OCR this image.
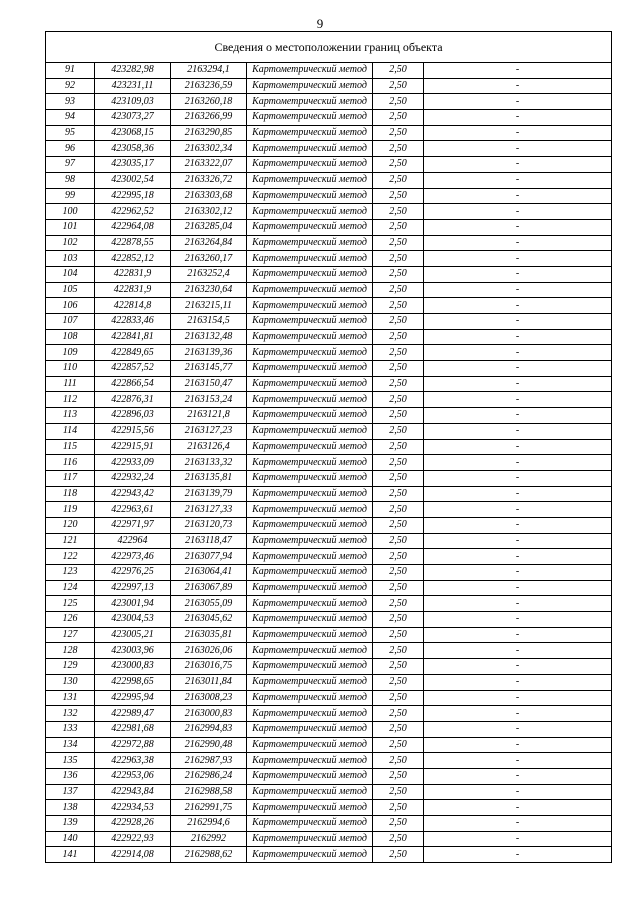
9
Сведения о местоположении границ объекта					
91	423282,98	2163294,1	Картометрический метод	2,50	-
92	423231,11	2163236,59	Картометрический метод	2,50	-
93	423109,03	2163260,18	Картометрический метод	2,50	-
94	423073,27	2163266,99	Картометрический метод	2,50	-
95	423068,15	2163290,85	Картометрический метод	2,50	-
96	423058,36	2163302,34	Картометрический метод	2,50	-
97	423035,17	2163322,07	Картометрический метод	2,50	-
98	423002,54	2163326,72	Картометрический метод	2,50	-
99	422995,18	2163303,68	Картометрический метод	2,50	-
100	422962,52	2163302,12	Картометрический метод	2,50	-
101	422964,08	2163285,04	Картометрический метод	2,50	-
102	422878,55	2163264,84	Картометрический метод	2,50	-
103	422852,12	2163260,17	Картометрический метод	2,50	-
104	422831,9	2163252,4	Картометрический метод	2,50	-
105	422831,9	2163230,64	Картометрический метод	2,50	-
106	422814,8	2163215,11	Картометрический метод	2,50	-
107	422833,46	2163154,5	Картометрический метод	2,50	-
108	422841,81	2163132,48	Картометрический метод	2,50	-
109	422849,65	2163139,36	Картометрический метод	2,50	-
110	422857,52	2163145,77	Картометрический метод	2,50	-
111	422866,54	2163150,47	Картометрический метод	2,50	-
112	422876,31	2163153,24	Картометрический метод	2,50	-
113	422896,03	2163121,8	Картометрический метод	2,50	-
114	422915,56	2163127,23	Картометрический метод	2,50	-
115	422915,91	2163126,4	Картометрический метод	2,50	-
116	422933,09	2163133,32	Картометрический метод	2,50	-
117	422932,24	2163135,81	Картометрический метод	2,50	-
118	422943,42	2163139,79	Картометрический метод	2,50	-
119	422963,61	2163127,33	Картометрический метод	2,50	-
120	422971,97	2163120,73	Картометрический метод	2,50	-
121	422964	2163118,47	Картометрический метод	2,50	-
122	422973,46	2163077,94	Картометрический метод	2,50	-
123	422976,25	2163064,41	Картометрический метод	2,50	-
124	422997,13	2163067,89	Картометрический метод	2,50	-
125	423001,94	2163055,09	Картометрический метод	2,50	-
126	423004,53	2163045,62	Картометрический метод	2,50	-
127	423005,21	2163035,81	Картометрический метод	2,50	-
128	423003,96	2163026,06	Картометрический метод	2,50	-
129	423000,83	2163016,75	Картометрический метод	2,50	-
130	422998,65	2163011,84	Картометрический метод	2,50	-
131	422995,94	2163008,23	Картометрический метод	2,50	-
132	422989,47	2163000,83	Картометрический метод	2,50	-
133	422981,68	2162994,83	Картометрический метод	2,50	-
134	422972,88	2162990,48	Картометрический метод	2,50	-
135	422963,38	2162987,93	Картометрический метод	2,50	-
136	422953,06	2162986,24	Картометрический метод	2,50	-
137	422943,84	2162988,58	Картометрический метод	2,50	-
138	422934,53	2162991,75	Картометрический метод	2,50	-
139	422928,26	2162994,6	Картометрический метод	2,50	-
140	422922,93	2162992	Картометрический метод	2,50	-
141	422914,08	2162988,62	Картометрический метод	2,50	-
